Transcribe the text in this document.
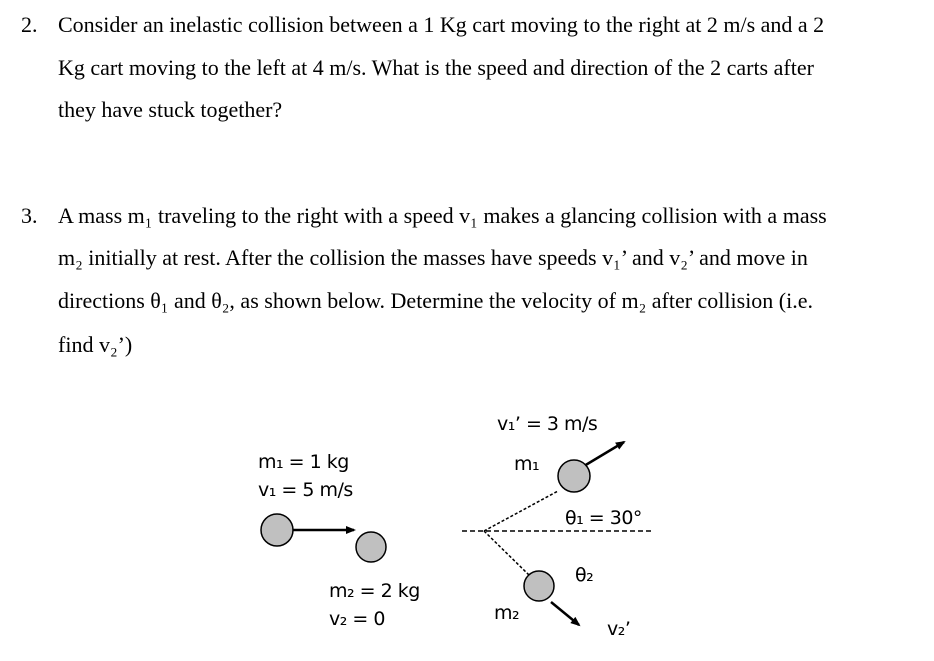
2. Consider an inelastic collision between a 1 Kg cart moving to the right at 2 m/s and a 2
Kg cart moving to the left at 4 m/s. What is the speed and direction of the 2 carts after
they have stuck together?
3. A mass m₁ traveling to the right with a speed v₁ makes a glancing collision with a mass
m₂ initially at rest. After the collision the masses have speeds v₁’ and v₂’ and move in
directions θ₁ and θ₂, as shown below. Determine the velocity of m₂ after collision (i.e.
find v₂’)
m₁ = 1 kg
v₁ = 5 m/s
m₂ = 2 kg
v₂ = 0
v₁’ = 3 m/s
m₁
θ₁ = 30°
θ₂
m₂
v₂’
